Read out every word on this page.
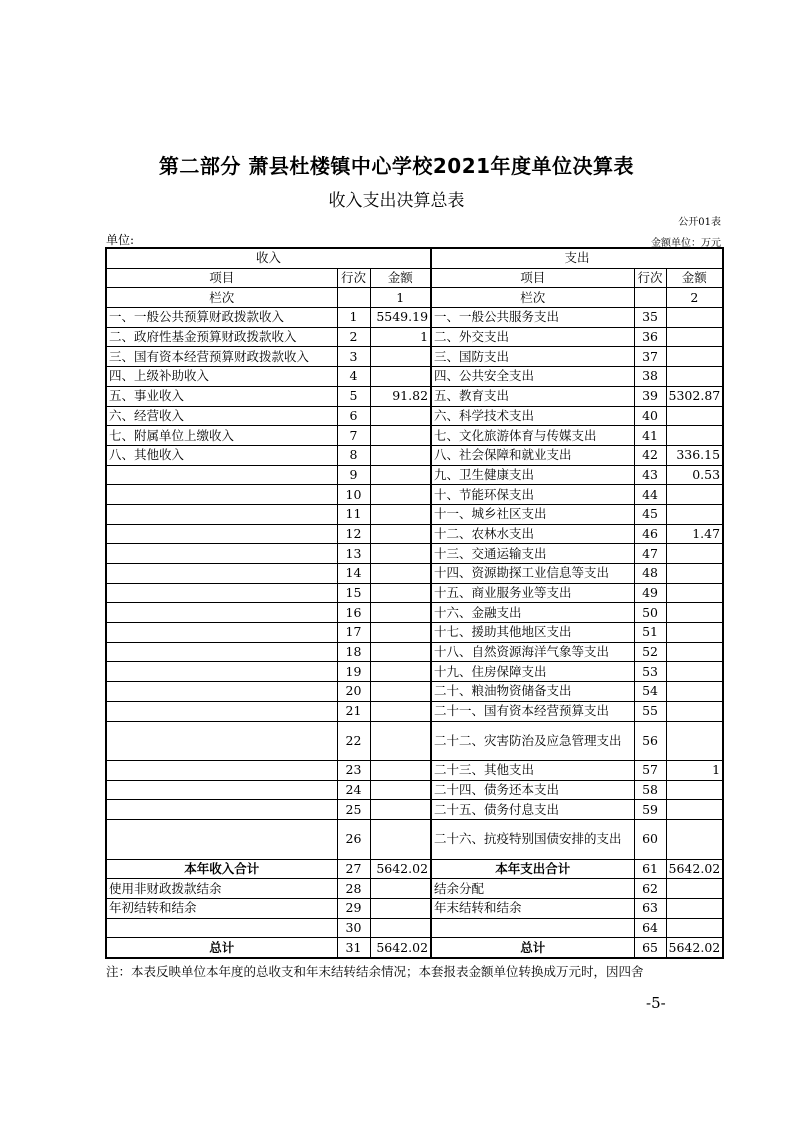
第二部分 萧县杜楼镇中心学校2021年度单位决算表
收入支出决算总表
公开01表
单位:	金额单位：万元
收入			支出		
项目	行次	金额	项目	行次	金额
栏次		1	栏次		2
一、一般公共预算财政拨款收入	1	5549.19	一、一般公共服务支出	35	
二、政府性基金预算财政拨款收入	2	1	二、外交支出	36	
三、国有资本经营预算财政拨款收入	3		三、国防支出	37	
四、上级补助收入	4		四、公共安全支出	38	
五、事业收入	5	91.82	五、教育支出	39	5302.87
六、经营收入	6		六、科学技术支出	40	
七、附属单位上缴收入	7		七、文化旅游体育与传媒支出	41	
八、其他收入	8		八、社会保障和就业支出	42	336.15
	9		九、卫生健康支出	43	0.53
	10		十、节能环保支出	44	
	11		十一、城乡社区支出	45	
	12		十二、农林水支出	46	1.47
	13		十三、交通运输支出	47	
	14		十四、资源勘探工业信息等支出	48	
	15		十五、商业服务业等支出	49	
	16		十六、金融支出	50	
	17		十七、援助其他地区支出	51	
	18		十八、自然资源海洋气象等支出	52	
	19		十九、住房保障支出	53	
	20		二十、粮油物资储备支出	54	
	21		二十一、国有资本经营预算支出	55	
	22		二十二、灾害防治及应急管理支出	56	
	23		二十三、其他支出	57	1
	24		二十四、债务还本支出	58	
	25		二十五、债务付息支出	59	
	26		二十六、抗疫特别国债安排的支出	60	
本年收入合计	27	5642.02	本年支出合计	61	5642.02
使用非财政拨款结余	28		结余分配	62	
年初结转和结余	29		年末结转和结余	63	
	30			64	
总计	31	5642.02	总计	65	5642.02
注：本表反映单位本年度的总收支和年末结转结余情况；本套报表金额单位转换成万元时，因四舍
-5-
